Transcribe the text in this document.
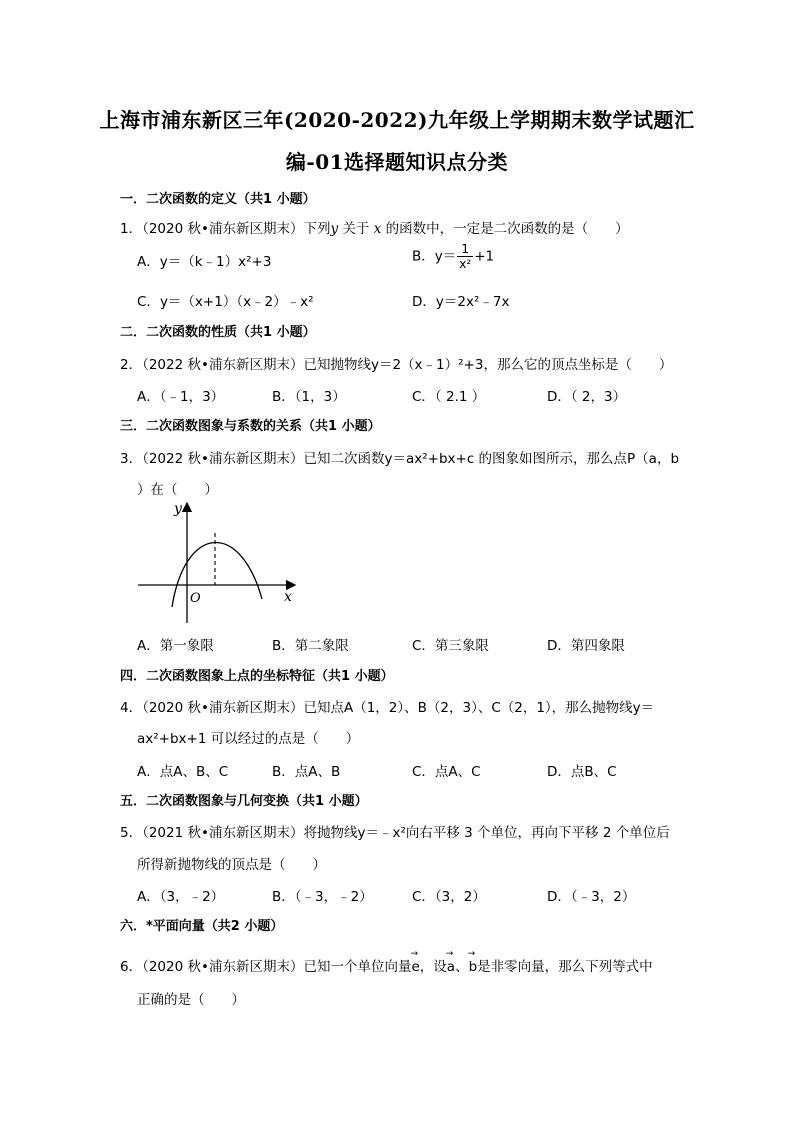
上海市浦东新区三年(2020-2022)九年级上学期期末数学试题汇
编-01选择题知识点分类
一．二次函数的定义（共1 小题）
1．（2020 秋•浦东新区期末）下列y 关于 x 的函数中，一定是二次函数的是（　　）
A．y＝（k﹣1）x²+3	B．$y= \frac{1}{\text{x²}} +1$
C．y＝（x+1）（x﹣2）﹣x²	D．y＝2x²﹣7x
二．二次函数的性质（共1 小题）
2．（2022 秋•浦东新区期末）已知抛物线y＝2（x﹣1）²+3，那么它的顶点坐标是（　　）
A．（﹣1，3）	B．（1，3）	C．（ 2.1 ）	D．（ 2，3）
三．二次函数图象与系数的关系（共1 小题）
3．（2022 秋•浦东新区期末）已知二次函数y＝ax²+bx+c 的图象如图所示，那么点P（a，b
）在（　　）
y
x
O
A．第一象限	B．第二象限	C．第三象限	D．第四象限
四．二次函数图象上点的坐标特征（共1 小题）
4．（2020 秋•浦东新区期末）已知点A（1，2）、B（2，3）、C（2，1），那么抛物线y＝
ax²+bx+1 可以经过的点是（　　）
A．点A、B、C	B．点A、B	C．点A、C	D．点B、C
五．二次函数图象与几何变换（共1 小题）
5．（2021 秋•浦东新区期末）将抛物线y＝﹣x²向右平移 3 个单位，再向下平移 2 个单位后
所得新抛物线的顶点是（　　）
A．（3，﹣2）	B．（﹣3，﹣2）	C．（3，2）	D．（﹣3，2）
六．*平面向量（共2 小题）
6．（2020 秋•浦东新区期末）已知一个单位向量→ e，设→ a、→ b是非零向量，那么下列等式中
正确的是（　　）
